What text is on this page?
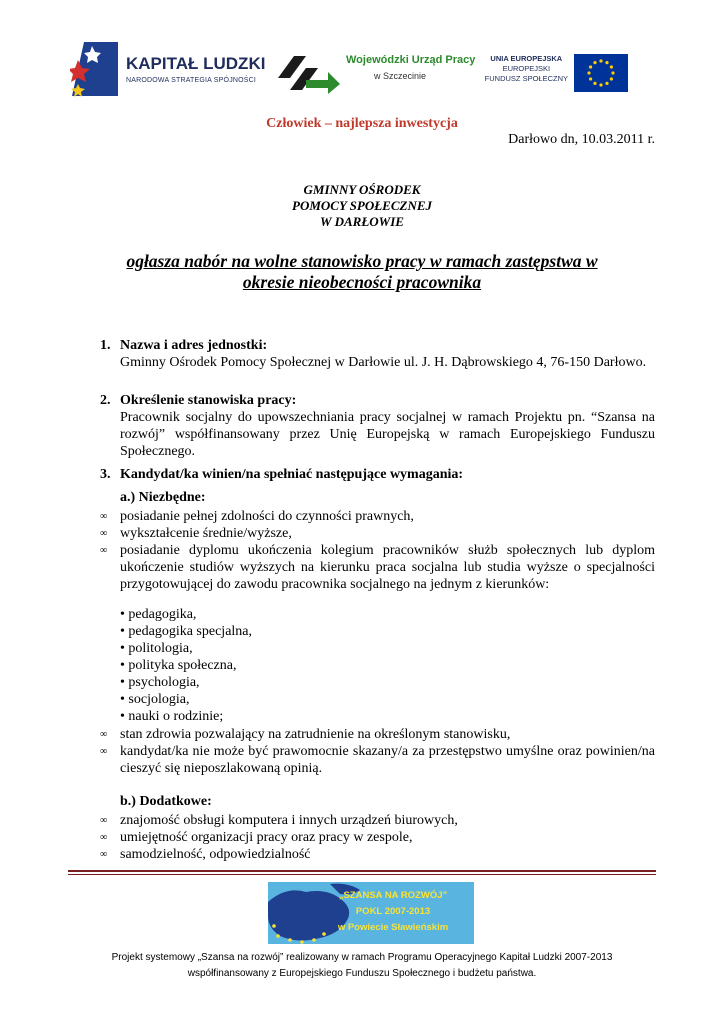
KAPITAŁ LUDZKI
NARODOWA STRATEGIA SPÓJNOŚCI
Wojewódzki Urząd Pracy
w Szczecinie
UNIA EUROPEJSKA
EUROPEJSKI
FUNDUSZ SPOŁECZNY
Człowiek – najlepsza inwestycja
Darłowo dn, 10.03.2011 r.
GMINNY OŚRODEK
POMOCY SPOŁECZNEJ
W DARŁOWIE
ogłasza nabór na wolne stanowisko pracy w ramach zastępstwa w
okresie nieobecności pracownika
1. Nazwa i adres jednostki:
Gminny Ośrodek Pomocy Społecznej w Darłowie ul. J. H. Dąbrowskiego 4, 76-150 Darłowo.
2. Określenie stanowiska pracy:
Pracownik socjalny do upowszechniania pracy socjalnej w ramach Projektu pn. “Szansa na rozwój” współfinansowany przez Unię Europejską w ramach Europejskiego Funduszu Społecznego.
3. Kandydat/ka winien/na spełniać następujące wymagania:
a.) Niezbędne:
∞ posiadanie pełnej zdolności do czynności prawnych,
∞ wykształcenie średnie/wyższe,
∞ posiadanie dyplomu ukończenia kolegium pracowników służb społecznych lub dyplom ukończenie studiów wyższych na kierunku praca socjalna lub studia wyższe o specjalności przygotowującej do zawodu pracownika socjalnego na jednym z kierunków:
• pedagogika,
• pedagogika specjalna,
• politologia,
• polityka społeczna,
• psychologia,
• socjologia,
• nauki o rodzinie;
∞ stan zdrowia pozwalający na zatrudnienie na określonym stanowisku,
∞ kandydat/ka nie może być prawomocnie skazany/a za przestępstwo umyślne oraz powinien/na cieszyć się nieposzlakowaną opinią.
b.) Dodatkowe:
∞ znajomość obsługi komputera i innych urządzeń biurowych,
∞ umiejętność organizacji pracy oraz pracy w zespole,
∞ samodzielność, odpowiedzialność
„SZANSA NA ROZWÓJ”
POKL 2007-2013
w Powiecie Sławieńskim
Projekt systemowy „Szansa na rozwój” realizowany w ramach Programu Operacyjnego Kapitał Ludzki 2007-2013
współfinansowany z Europejskiego Funduszu Społecznego i budżetu państwa.
